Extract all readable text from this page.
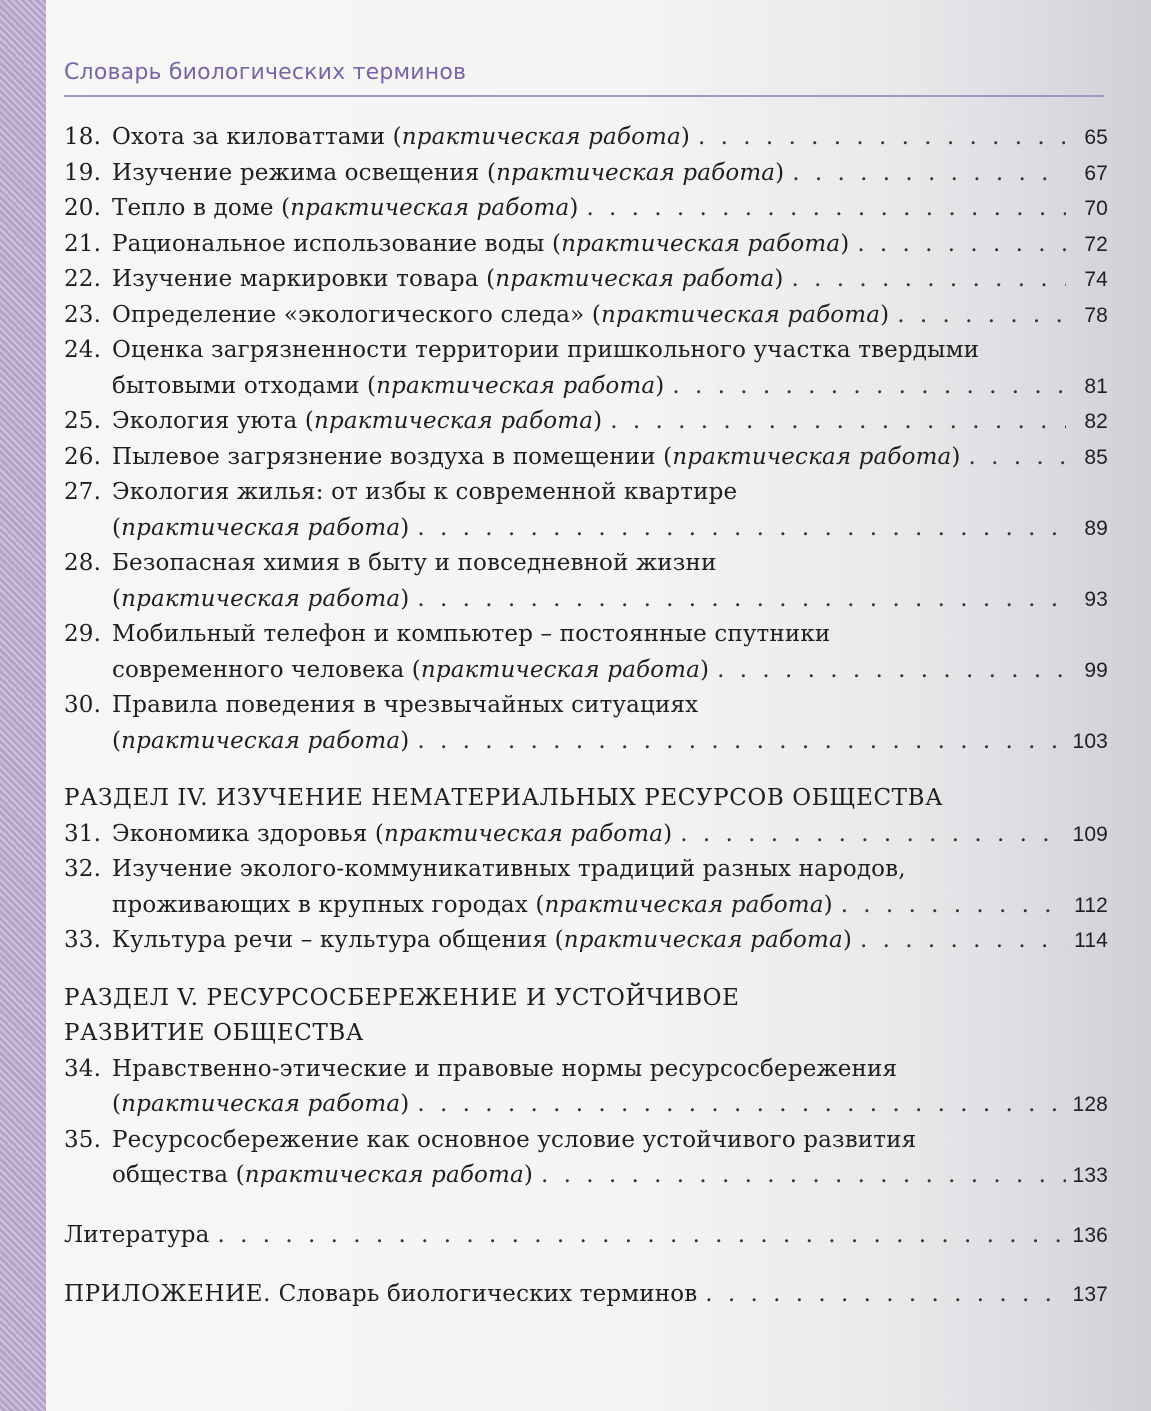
Словарь биологических терминов
18. Охота за киловаттами (практическая работа) . . .	65
19. Изучение режима освещения (практическая работа) . . .	67
20. Тепло в доме (практическая работа) . . .	70
21. Рациональное использование воды (практическая работа) . . .	72
22. Изучение маркировки товара (практическая работа) . . .	74
23. Определение «экологического следа» (практическая работа) . . .	78
24. Оценка загрязненности территории пришкольного участка твердыми
бытовыми отходами (практическая работа) . . .	81
25. Экология уюта (практическая работа) . . .	82
26. Пылевое загрязнение воздуха в помещении (практическая работа) . . .	85
27. Экология жилья: от избы к современной квартире
(практическая работа) . . .	89
28. Безопасная химия в быту и повседневной жизни
(практическая работа) . . .	93
29. Мобильный телефон и компьютер – постоянные спутники
современного человека (практическая работа) . . .	99
30. Правила поведения в чрезвычайных ситуациях
(практическая работа) . . .	103
РАЗДЕЛ IV. ИЗУЧЕНИЕ НЕМАТЕРИАЛЬНЫХ РЕСУРСОВ ОБЩЕСТВА
31. Экономика здоровья (практическая работа) . . .	109
32. Изучение эколого-коммуникативных традиций разных народов,
проживающих в крупных городах (практическая работа) . . .	112
33. Культура речи – культура общения (практическая работа) . . .	114
РАЗДЕЛ V. РЕСУРСОСБЕРЕЖЕНИЕ И УСТОЙЧИВОЕ
РАЗВИТИЕ ОБЩЕСТВА
34. Нравственно-этические и правовые нормы ресурсосбережения
(практическая работа) . . .	128
35. Ресурсосбережение как основное условие устойчивого развития
общества (практическая работа) . . .	133
Литература . . .	136
ПРИЛОЖЕНИЕ. Словарь биологических терминов . . .	137
